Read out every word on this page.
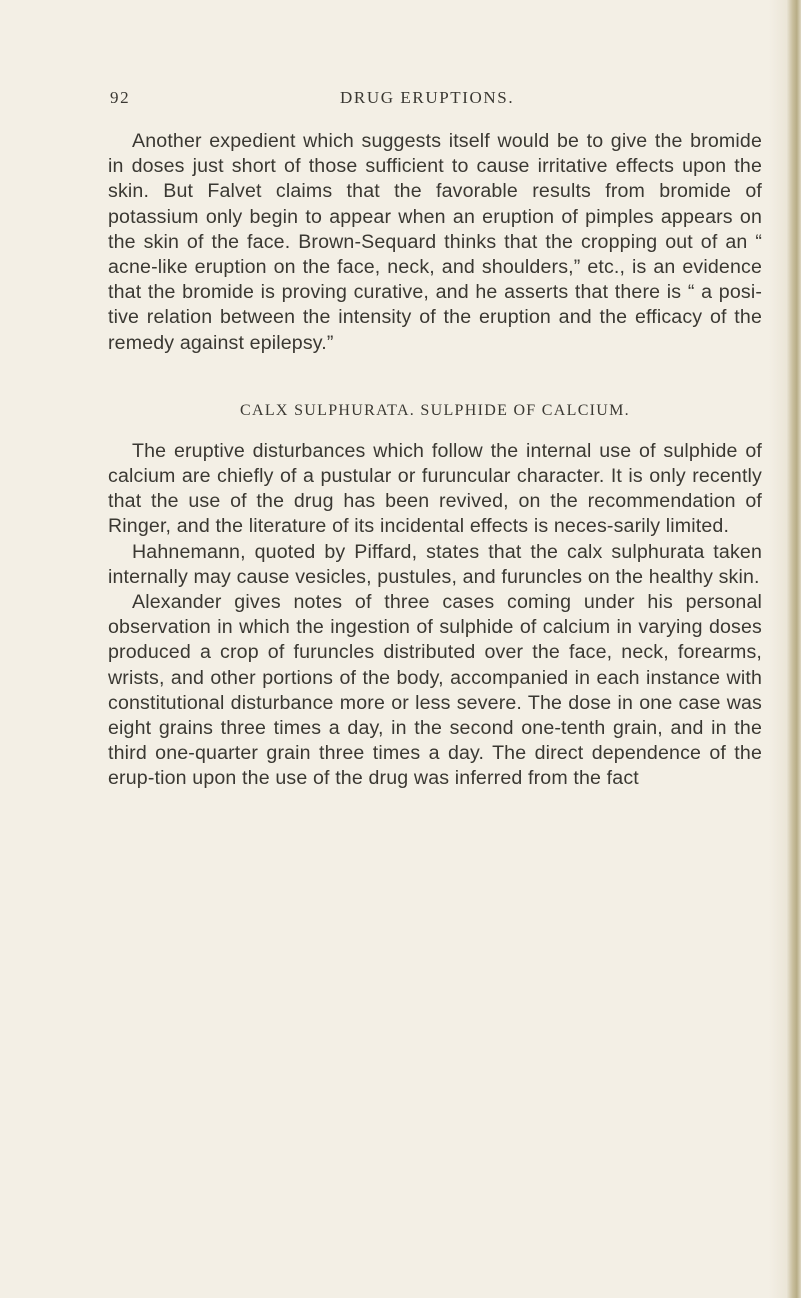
92	DRUG ERUPTIONS.

Another expedient which suggests itself would be to give the bromide in doses just short of those sufficient to cause irritative effects upon the skin. But Falvet claims that the favorable results from bromide of potassium only begin to appear when an eruption of pimples appears on the skin of the face. Brown-Sequard thinks that the cropping out of an “ acne-like eruption on the face, neck, and shoulders,” etc., is an evidence that the bromide is proving curative, and he asserts that there is “ a posi-tive relation between the intensity of the eruption and the efficacy of the remedy against epilepsy.”

CALX SULPHURATA. SULPHIDE OF CALCIUM.

The eruptive disturbances which follow the internal use of sulphide of calcium are chiefly of a pustular or furuncular character. It is only recently that the use of the drug has been revived, on the recommendation of Ringer, and the literature of its incidental effects is neces-sarily limited.

Hahnemann, quoted by Piffard, states that the calx sulphurata taken internally may cause vesicles, pustules, and furuncles on the healthy skin.

Alexander gives notes of three cases coming under his personal observation in which the ingestion of sulphide of calcium in varying doses produced a crop of furuncles distributed over the face, neck, forearms, wrists, and other portions of the body, accompanied in each instance with constitutional disturbance more or less severe. The dose in one case was eight grains three times a day, in the second one-tenth grain, and in the third one-quarter grain three times a day. The direct dependence of the erup-tion upon the use of the drug was inferred from the fact
